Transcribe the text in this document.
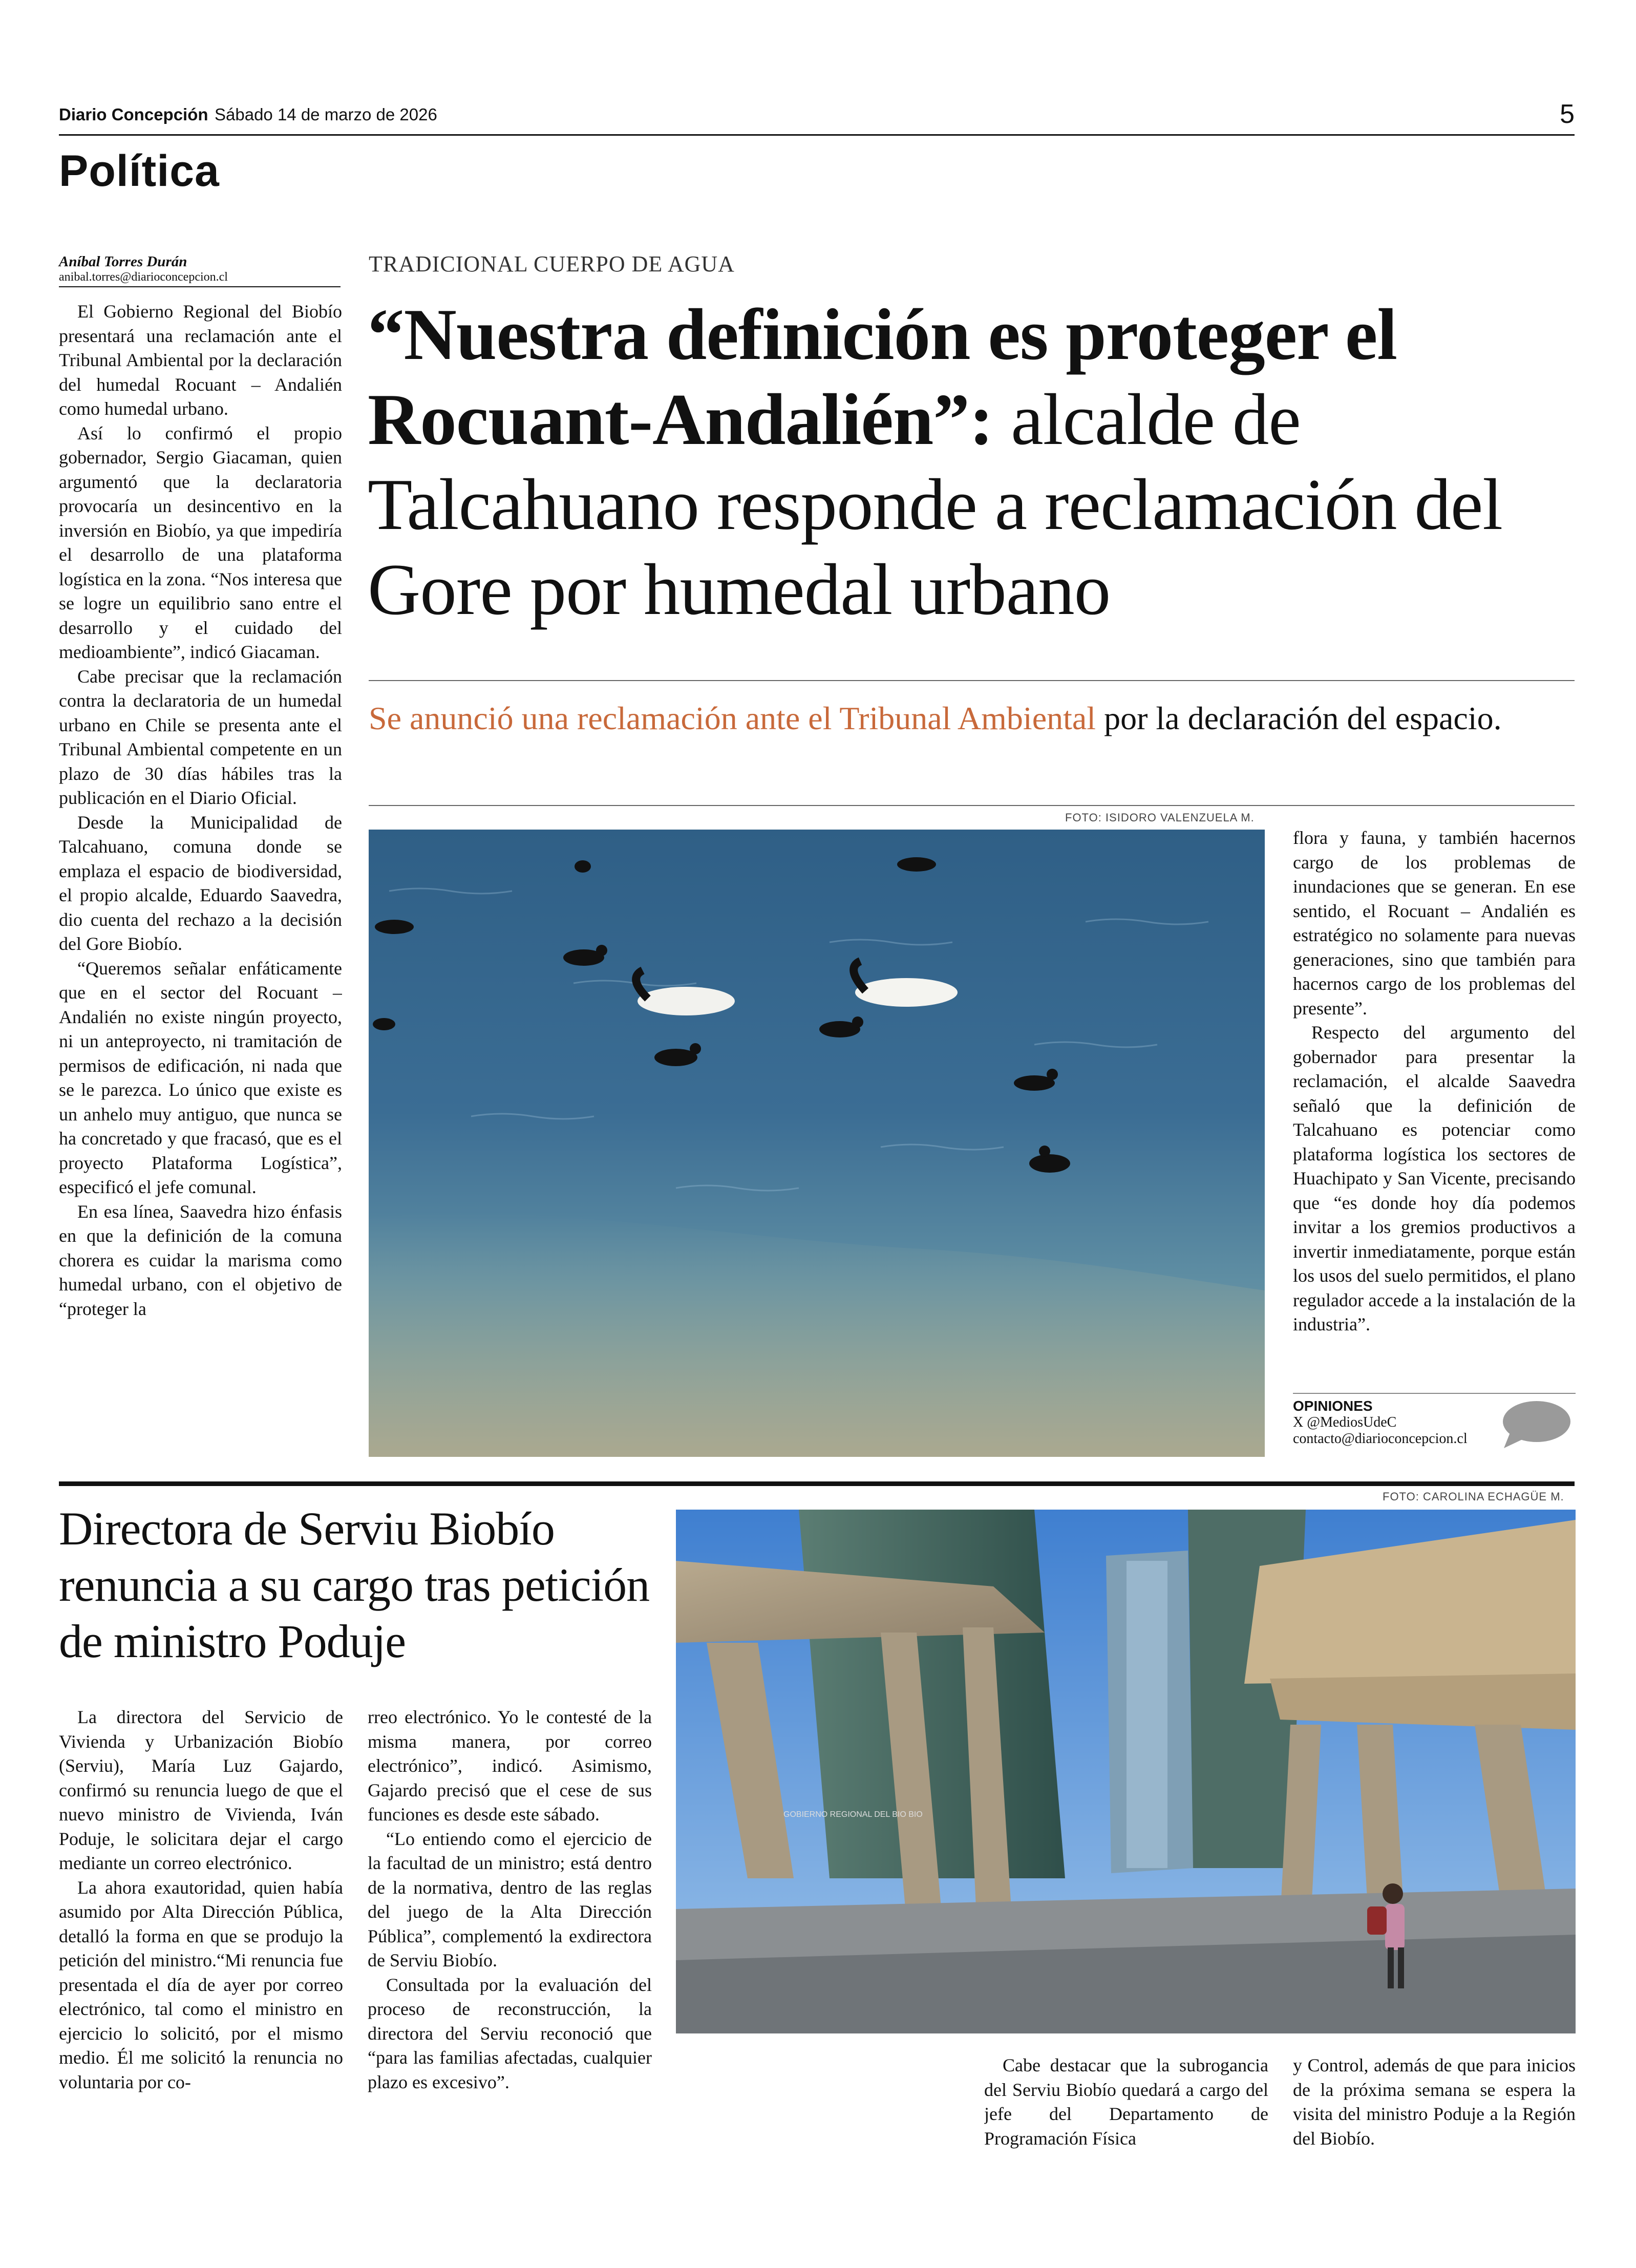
Diario Concepción Sábado 14 de marzo de 2026	5
Política
Aníbal Torres Durán
anibal.torres@diarioconcepcion.cl

El Gobierno Regional del Biobío presentará una reclamación ante el Tribunal Ambiental por la declaración del humedal Rocuant – Andalién como humedal urbano.

Así lo confirmó el propio gobernador, Sergio Giacaman, quien argumentó que la declaratoria provocaría un desincentivo en la inversión en Biobío, ya que impediría el desarrollo de una plataforma logística en la zona. “Nos interesa que se logre un equilibrio sano entre el desarrollo y el cuidado del medioambiente”, indicó Giacaman.

Cabe precisar que la reclamación contra la declaratoria de un humedal urbano en Chile se presenta ante el Tribunal Ambiental competente en un plazo de 30 días hábiles tras la publicación en el Diario Oficial.

Desde la Municipalidad de Talcahuano, comuna donde se emplaza el espacio de biodiversidad, el propio alcalde, Eduardo Saavedra, dio cuenta del rechazo a la decisión del Gore Biobío.

“Queremos señalar enfáticamente que en el sector del Rocuant – Andalién no existe ningún proyecto, ni un anteproyecto, ni tramitación de permisos de edificación, ni nada que se le parezca. Lo único que existe es un anhelo muy antiguo, que nunca se ha concretado y que fracasó, que es el proyecto Plataforma Logística”, especificó el jefe comunal.

En esa línea, Saavedra hizo énfasis en que la definición de la comuna chorera es cuidar la marisma como humedal urbano, con el objetivo de “proteger la

TRADICIONAL CUERPO DE AGUA
“Nuestra definición es proteger el Rocuant-Andalién”: alcalde de Talcahuano responde a reclamación del Gore por humedal urbano
Se anunció una reclamación ante el Tribunal Ambiental por la declaración del espacio.
FOTO: ISIDORO VALENZUELA M.

flora y fauna, y también hacernos cargo de los problemas de inundaciones que se generan. En ese sentido, el Rocuant – Andalién es estratégico no solamente para nuevas generaciones, sino que también para hacernos cargo de los problemas del presente”.

Respecto del argumento del gobernador para presentar la reclamación, el alcalde Saavedra señaló que la definición de Talcahuano es potenciar como plataforma logística los sectores de Huachipato y San Vicente, precisando que “es donde hoy día podemos invitar a los gremios productivos a invertir inmediatamente, porque están los usos del suelo permitidos, el plano regulador accede a la instalación de la industria”.

OPINIONES
X @MediosUdeC
contacto@diarioconcepcion.cl
Directora de Serviu Biobío renuncia a su cargo tras petición de ministro Poduje
FOTO: CAROLINA ECHAGÜE M.
GOBIERNO REGIONAL DEL BIO BIO

La directora del Servicio de Vivienda y Urbanización Biobío (Serviu), María Luz Gajardo, confirmó su renuncia luego de que el nuevo ministro de Vivienda, Iván Poduje, le solicitara dejar el cargo mediante un correo electrónico.

La ahora exautoridad, quien había asumido por Alta Dirección Pública, detalló la forma en que se produjo la petición del ministro.“Mi renuncia fue presentada el día de ayer por correo electrónico, tal como el ministro en ejercicio lo solicitó, por el mismo medio. Él me solicitó la renuncia no voluntaria por co-

rreo electrónico. Yo le contesté de la misma manera, por correo electrónico”, indicó. Asimismo, Gajardo precisó que el cese de sus funciones es desde este sábado.

“Lo entiendo como el ejercicio de la facultad de un ministro; está dentro de la normativa, dentro de las reglas del juego de la Alta Dirección Pública”, complementó la exdirectora de Serviu Biobío.

Consultada por la evaluación del proceso de reconstrucción, la directora del Serviu reconoció que “para las familias afectadas, cualquier plazo es excesivo”.

Cabe destacar que la subrogancia del Serviu Biobío quedará a cargo del jefe del Departamento de Programación Física

y Control, además de que para inicios de la próxima semana se espera la visita del ministro Poduje a la Región del Biobío.
